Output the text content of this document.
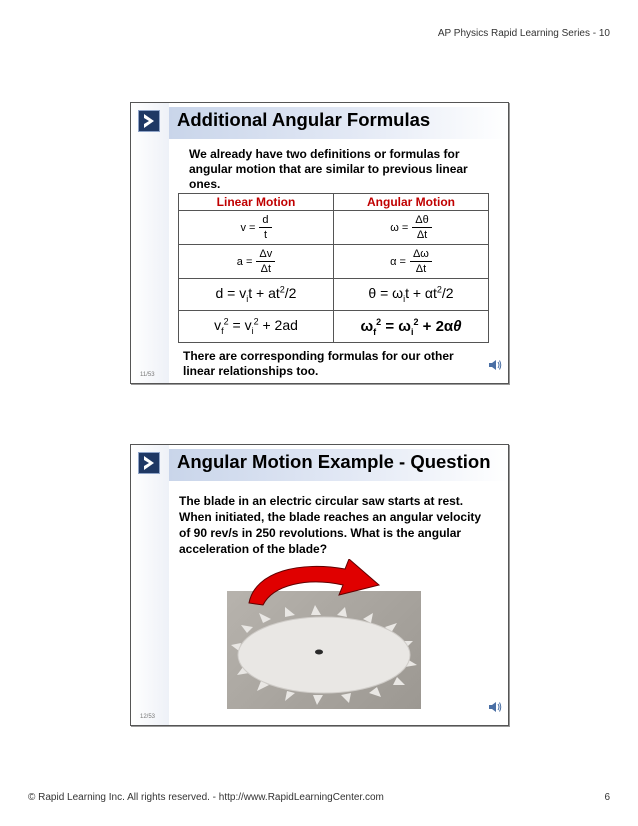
AP Physics Rapid Learning Series - 10
Additional Angular Formulas
We already have two definitions or formulas for angular motion that are similar to previous linear ones.
Linear Motion	Angular Motion

$v = \frac{d}{t}$	$\omega = \frac{\Delta\theta}{\Delta t}$

$a = \frac{\Delta v}{\Delta t}$	$\alpha = \frac{\Delta\omega}{\Delta t}$

$d = v_it + at^2/2$	$\theta = \omega_it + \alpha t^2/2$
$v_f^2 = v_i^2 + 2ad$	$\omega_f^2 = \omega_i^2 + 2\alpha\theta$
There are corresponding formulas for our other linear relationships too.
11/53
Angular Motion Example - Question
The blade in an electric circular saw starts at rest. When initiated, the blade reaches an angular velocity of 90 rev/s in 250 revolutions. What is the angular acceleration of the blade?
12/53
© Rapid Learning Inc. All rights reserved. - http://www.RapidLearningCenter.com	6
